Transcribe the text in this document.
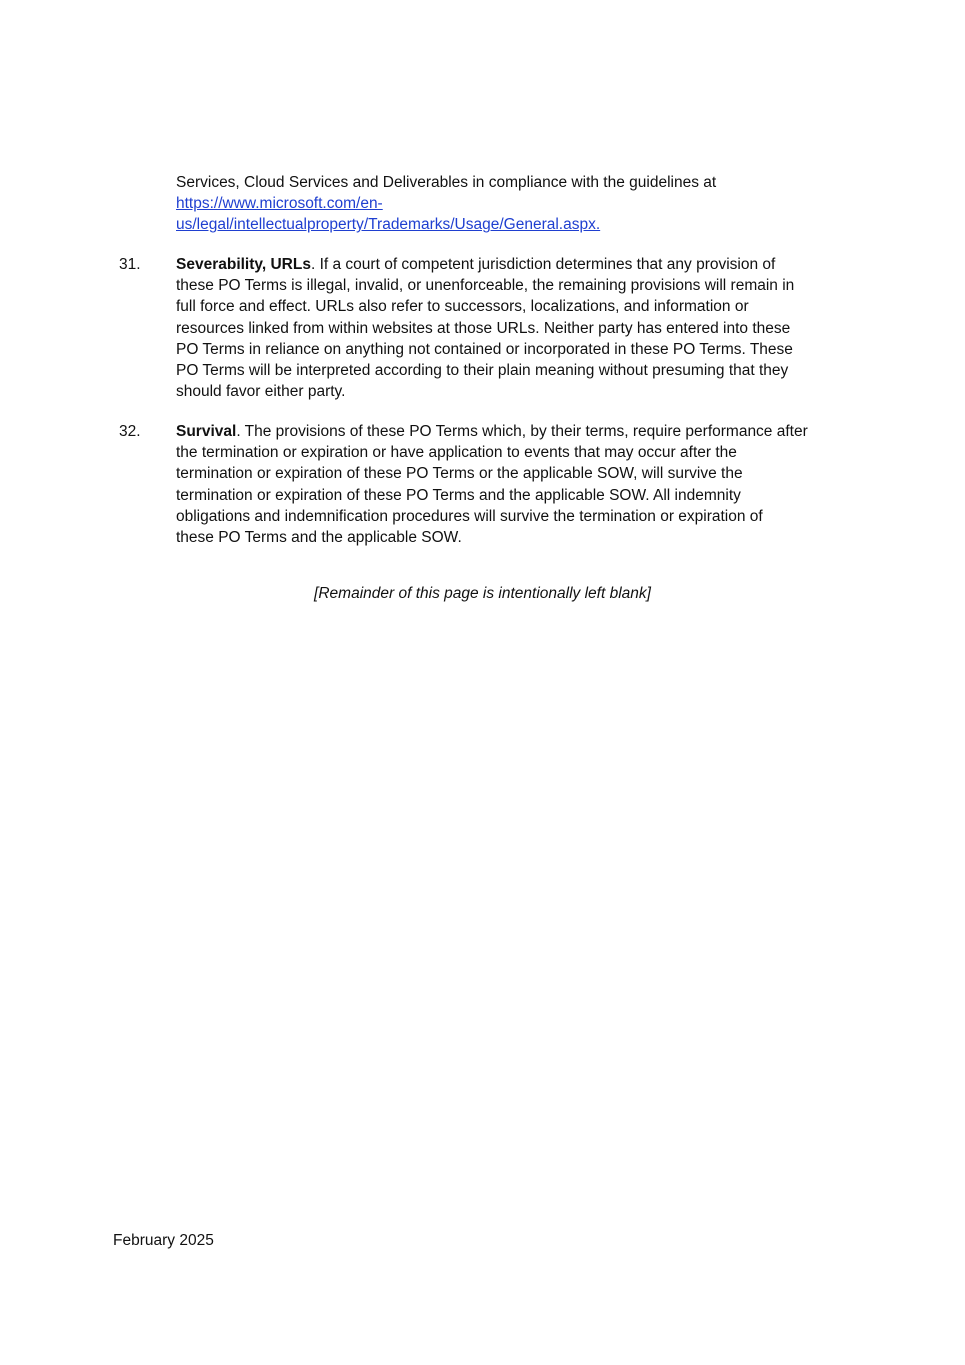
Services, Cloud Services and Deliverables in compliance with the guidelines at
https://www.microsoft.com/en-
us/legal/intellectualproperty/Trademarks/Usage/General.aspx.
31.	Severability, URLs. If a court of competent jurisdiction determines that any provision of
these PO Terms is illegal, invalid, or unenforceable, the remaining provisions will remain in
full force and effect. URLs also refer to successors, localizations, and information or
resources linked from within websites at those URLs. Neither party has entered into these
PO Terms in reliance on anything not contained or incorporated in these PO Terms. These
PO Terms will be interpreted according to their plain meaning without presuming that they
should favor either party.
32.	Survival. The provisions of these PO Terms which, by their terms, require performance after
the termination or expiration or have application to events that may occur after the
termination or expiration of these PO Terms or the applicable SOW, will survive the
termination or expiration of these PO Terms and the applicable SOW. All indemnity
obligations and indemnification procedures will survive the termination or expiration of
these PO Terms and the applicable SOW.

[Remainder of this page is intentionally left blank]

February 2025
